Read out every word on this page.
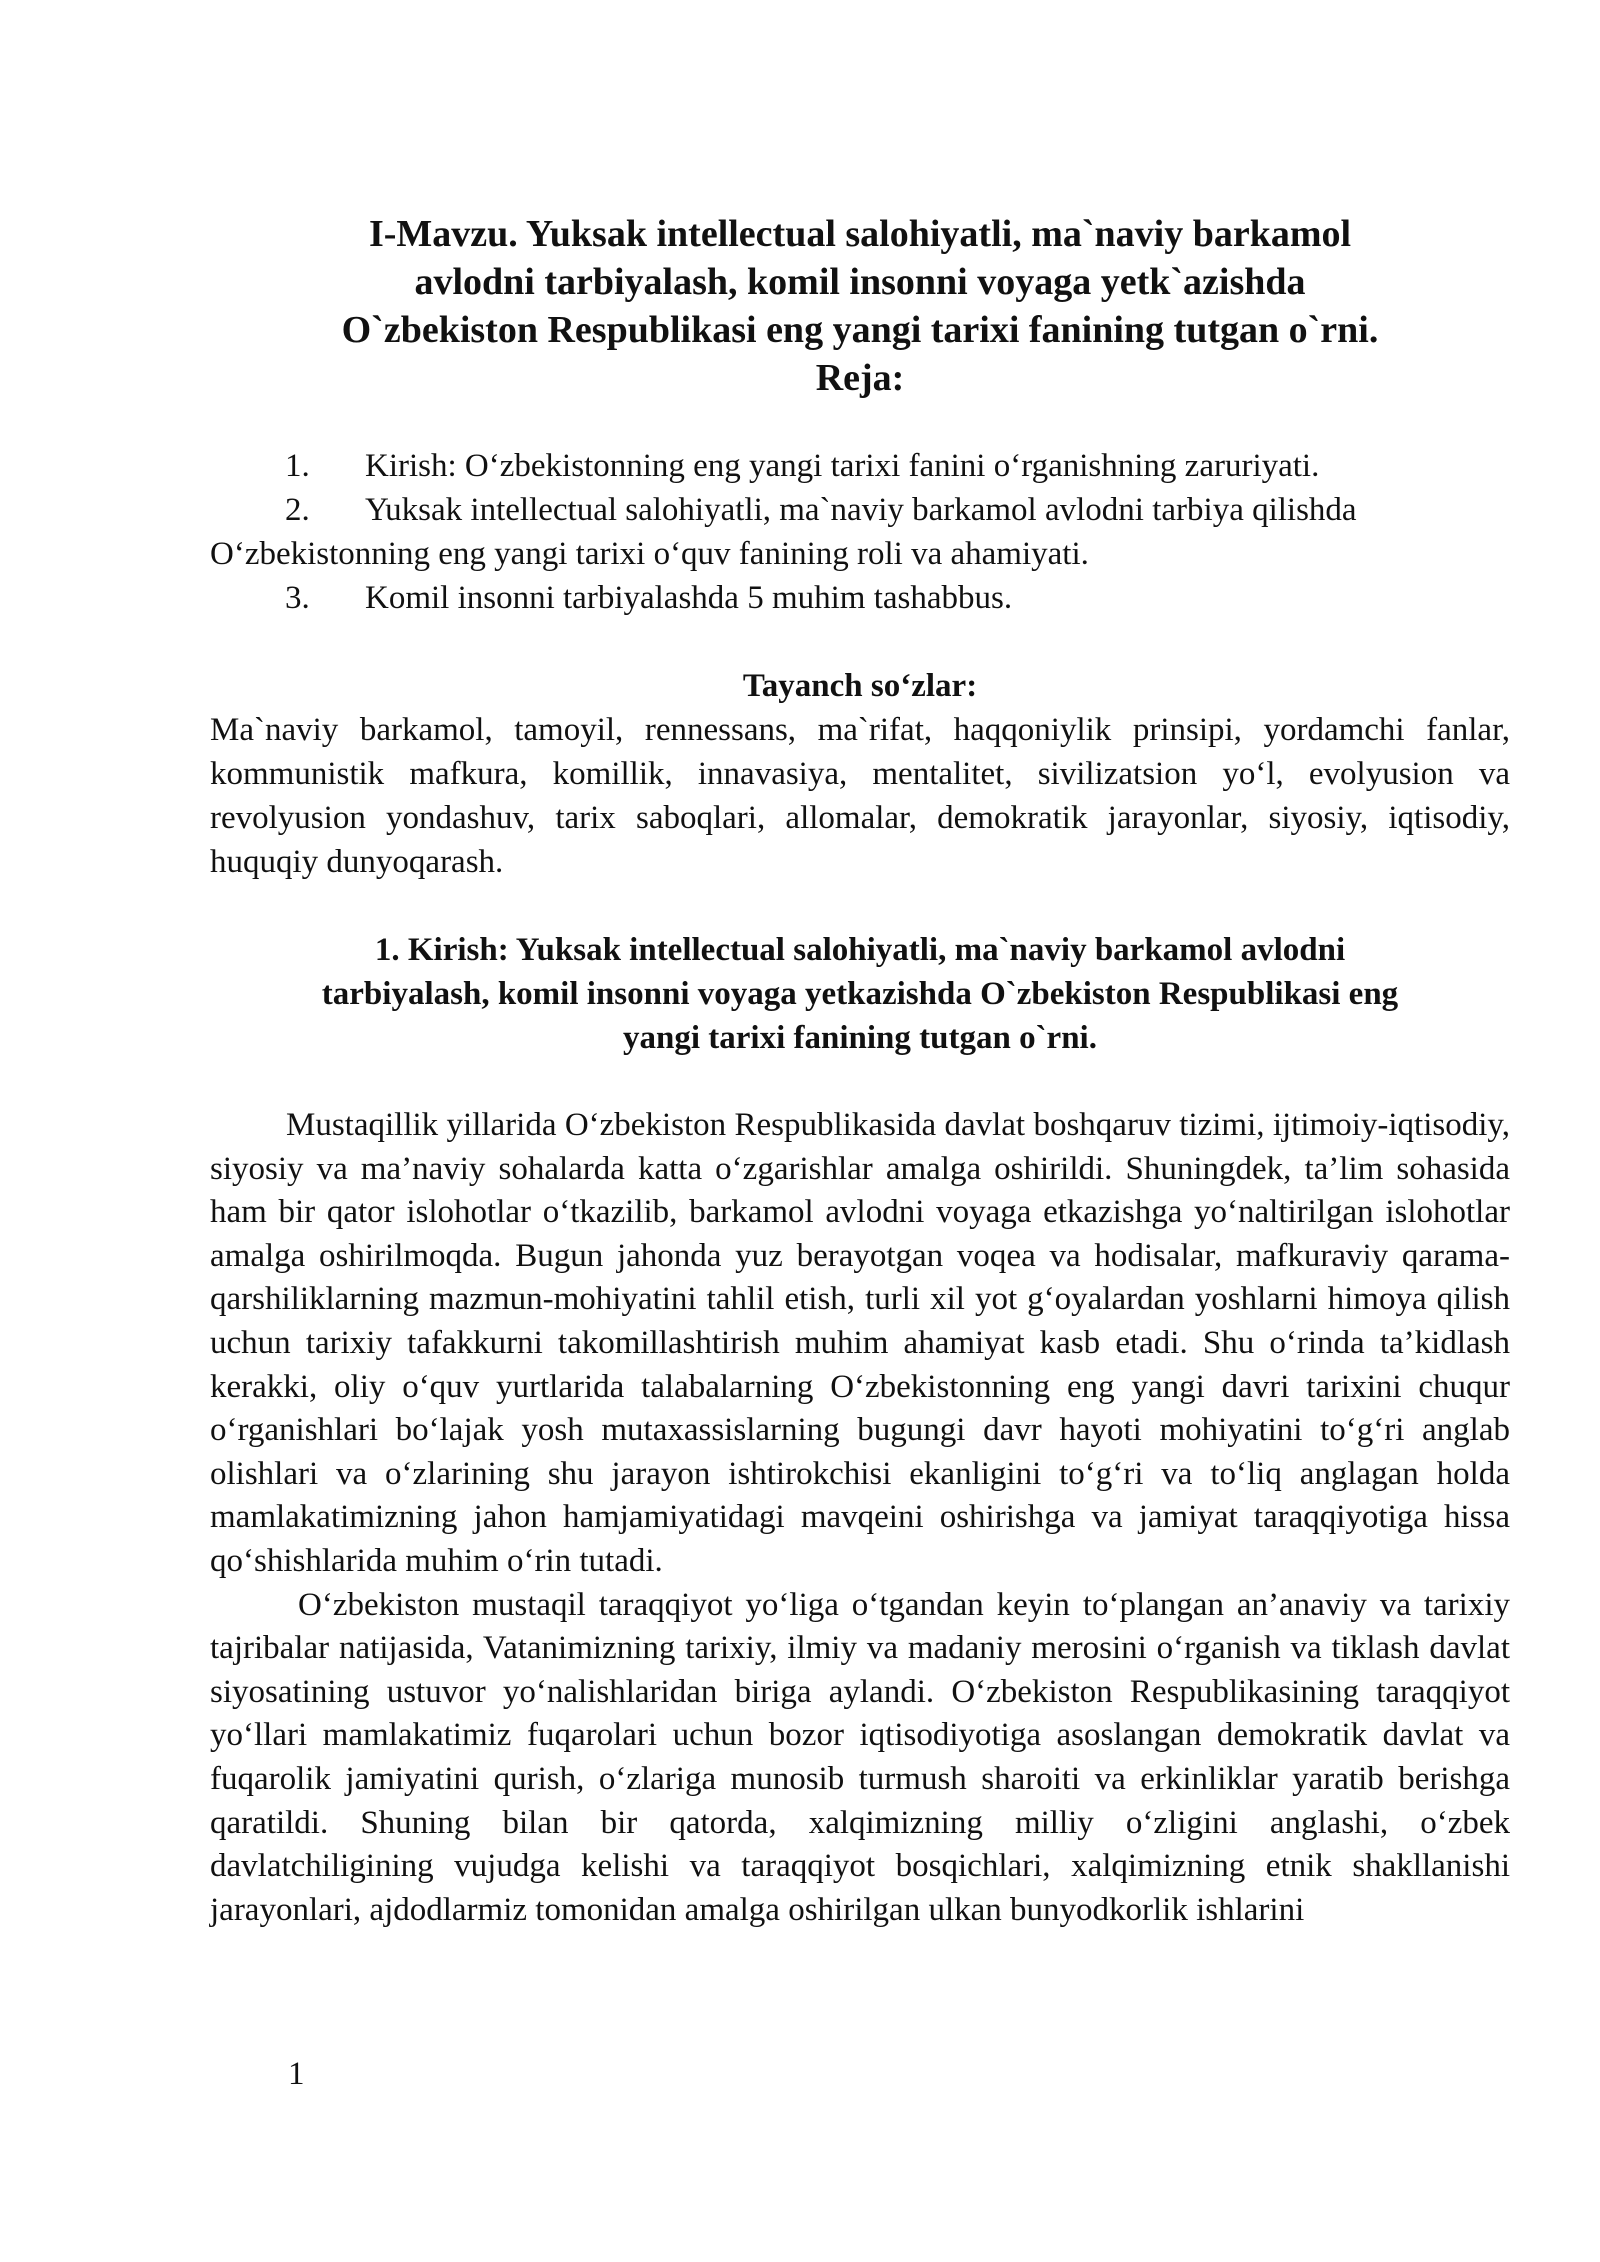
I-Mavzu. Yuksak intellectual salohiyatli, ma`naviy barkamol
avlodni tarbiyalash, komil insonni voyaga yetk`azishda
O`zbekiston Respublikasi eng yangi tarixi fanining tutgan o`rni.
Reja:
1. Kirish: O‘zbekistonning eng yangi tarixi fanini o‘rganishning zaruriyati.
2. Yuksak intellectual salohiyatli, ma`naviy barkamol avlodni tarbiya qilishda
O‘zbekistonning eng yangi tarixi o‘quv fanining roli va ahamiyati.
3. Komil insonni tarbiyalashda 5 muhim tashabbus.

Tayanch so‘zlar:

Ma`naviy barkamol, tamoyil, rennessans, ma`rifat, haqqoniylik prinsipi, yordamchi fanlar, kommunistik mafkura, komillik, innavasiya, mentalitet, sivilizatsion yo‘l, evolyusion va revolyusion yondashuv, tarix saboqlari, allomalar, demokratik jarayonlar, siyosiy, iqtisodiy, huquqiy dunyoqarash.

1. Kirish: Yuksak intellectual salohiyatli, ma`naviy barkamol avlodni
tarbiyalash, komil insonni voyaga yetkazishda O`zbekiston Respublikasi eng
yangi tarixi fanining tutgan o`rni.

Mustaqillik yillarida O‘zbekiston Respublikasida davlat boshqaruv tizimi, ijtimoiy-iqtisodiy, siyosiy va ma’naviy sohalarda katta o‘zgarishlar amalga oshirildi. Shuningdek, ta’lim sohasida ham bir qator islohotlar o‘tkazilib, barkamol avlodni voyaga etkazishga yo‘naltirilgan islohotlar amalga oshirilmoqda. Bugun jahonda yuz berayotgan voqea va hodisalar, mafkuraviy qarama-qarshiliklarning mazmun-mohiyatini tahlil etish, turli xil yot g‘oyalardan yoshlarni himoya qilish uchun tarixiy tafakkurni takomillashtirish muhim ahamiyat kasb etadi. Shu o‘rinda ta’kidlash kerakki, oliy o‘quv yurtlarida talabalarning O‘zbekistonning eng yangi davri tarixini chuqur o‘rganishlari bo‘lajak yosh mutaxassislarning bugungi davr hayoti mohiyatini to‘g‘ri anglab olishlari va o‘zlarining shu jarayon ishtirokchisi ekanligini to‘g‘ri va to‘liq anglagan holda mamlakatimizning jahon hamjamiyatidagi mavqeini oshirishga va jamiyat taraqqiyotiga hissa qo‘shishlarida muhim o‘rin tutadi.

O‘zbekiston mustaqil taraqqiyot yo‘liga o‘tgandan keyin to‘plangan an’anaviy va tarixiy tajribalar natijasida, Vatanimizning tarixiy, ilmiy va madaniy merosini o‘rganish va tiklash davlat siyosatining ustuvor yo‘nalishlaridan biriga aylandi. O‘zbekiston Respublikasining taraqqiyot yo‘llari mamlakatimiz fuqarolari uchun bozor iqtisodiyotiga asoslangan demokratik davlat va fuqarolik jamiyatini qurish, o‘zlariga munosib turmush sharoiti va erkinliklar yaratib berishga qaratildi. Shuning bilan bir qatorda, xalqimizning milliy o‘zligini anglashi, o‘zbek davlatchiligining vujudga kelishi va taraqqiyot bosqichlari, xalqimizning etnik shakllanishi jarayonlari, ajdodlarmiz tomonidan amalga oshirilgan ulkan bunyodkorlik ishlarini

1
